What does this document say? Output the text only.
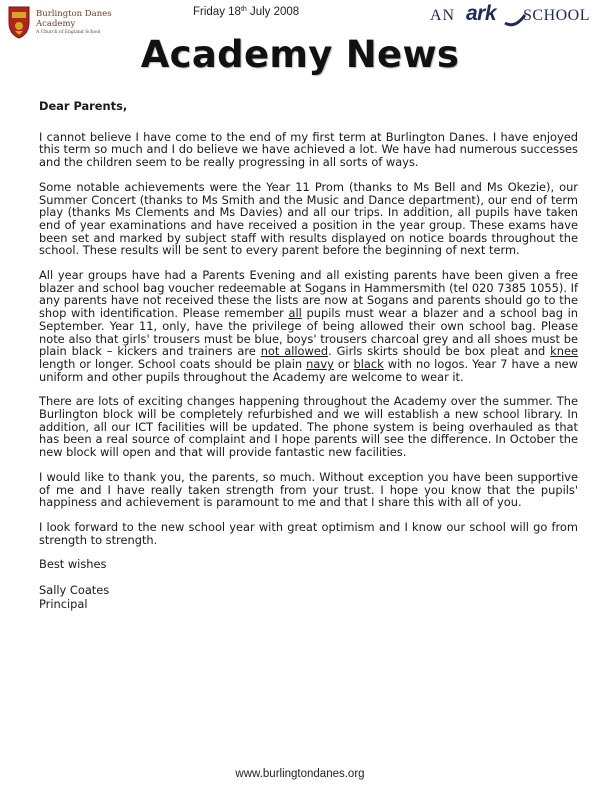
Burlington Danes
Academy
A Church of England School
Friday 18th July 2008	AN ark SCHOOL
Academy News

Dear Parents,

I cannot believe I have come to the end of my first term at Burlington Danes. I have enjoyed this term so much and I do believe we have achieved a lot. We have had numerous successes and the children seem to be really progressing in all sorts of ways.

Some notable achievements were the Year 11 Prom (thanks to Ms Bell and Ms Okezie), our Summer Concert (thanks to Ms Smith and the Music and Dance department), our end of term play (thanks Ms Clements and Ms Davies) and all our trips. In addition, all pupils have taken end of year examinations and have received a position in the year group. These exams have been set and marked by subject staff with results displayed on notice boards throughout the school. These results will be sent to every parent before the beginning of next term.

All year groups have had a Parents Evening and all existing parents have been given a free blazer and school bag voucher redeemable at Sogans in Hammersmith (tel 020 7385 1055). If any parents have not received these the lists are now at Sogans and parents should go to the shop with identification. Please remember all pupils must wear a blazer and a school bag in September. Year 11, only, have the privilege of being allowed their own school bag. Please note also that girls' trousers must be blue, boys' trousers charcoal grey and all shoes must be plain black – kickers and trainers are not allowed. Girls skirts should be box pleat and knee length or longer. School coats should be plain navy or black with no logos. Year 7 have a new uniform and other pupils throughout the Academy are welcome to wear it.

There are lots of exciting changes happening throughout the Academy over the summer. The Burlington block will be completely refurbished and we will establish a new school library. In addition, all our ICT facilities will be updated. The phone system is being overhauled as that has been a real source of complaint and I hope parents will see the difference. In October the new block will open and that will provide fantastic new facilities.

I would like to thank you, the parents, so much. Without exception you have been supportive of me and I have really taken strength from your trust. I hope you know that the pupils' happiness and achievement is paramount to me and that I share this with all of you.

I look forward to the new school year with great optimism and I know our school will go from strength to strength.

Best wishes

Sally Coates

Principal

www.burlingtondanes.org
